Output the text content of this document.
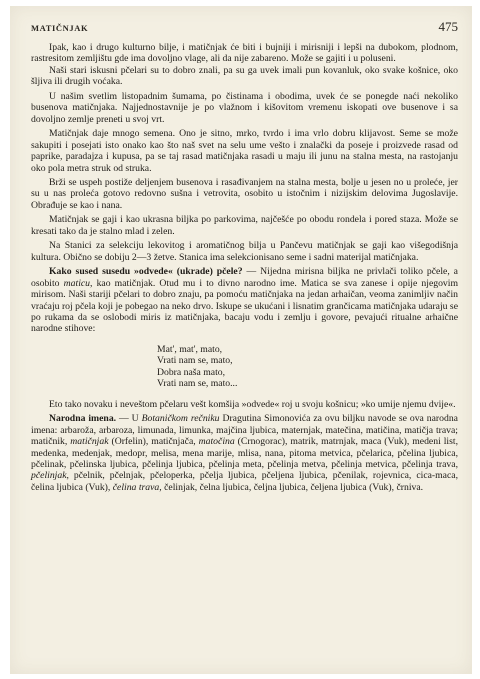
MATIČNJAK	475

Ipak, kao i drugo kulturno bilje, i matičnjak će biti i bujniji i mirisniji i lepši na dubokom, plodnom, rastresitom zemljištu gde ima dovoljno vlage, ali da nije zabareno. Može se gajiti i u polusenі.

Naši stari iskusni pčelari su to dobro znali, pa su ga uvek imali pun kovanluk, oko svake košnice, oko šljiva ili drugih voćaka.

U našim svetlim listopadnim šumama, po čistinama i obodima, uvek će se ponegde naći nekoliko busenova matičnjaka. Najjednostavnije je po vlažnom i kišovitom vremenu iskopati ove busenove i sa dovoljno zemlje preneti u svoj vrt.

Matičnjak daje mnogo semena. Ono je sitno, mrko, tvrdo i ima vrlo dobru klijavost. Seme se može sakupiti i posejati isto onako kao što naš svet na selu ume vešto i znalački da poseje i proizvede rasad od paprike, paradajza i kupusa, pa se taj rasad matičnjaka rasadi u maju ili junu na stalna mesta, na rastojanju oko pola metra struk od struka.

Brži se uspeh postiže deljenjem busenova i rasađivanjem na stalna mesta, bolje u jesen no u proleće, jer su u nas proleća gotovo redovno sušna i vetrovita, osobito u istočnim i nizijskim delovima Jugoslavije. Obrađuje se kao i nana.

Matičnjak se gaji i kao ukrasna biljka po parkovima, najčešće po obodu rondela i pored staza. Može se kresati tako da je stalno mlad i zelen.

Na Stanici za selekciju lekovitog i aromatičnog bilja u Pančevu matičnjak se gaji kao višegodišnja kultura. Obično se dobiju 2—3 žetve. Stanica ima selekcionisano seme i sadni materijal matičnjaka.

Kako sused susedu »odvede« (ukrade) pčele? — Nijedna mirisna biljka ne privlači toliko pčele, a osobito maticu, kao matičnjak. Otud mu i to divno narodno ime. Matica se sva zanese i opije njegovim mirisom. Naši stariji pčelari to dobro znaju, pa pomoću matičnjaka na jedan arhaičan, veoma zanimljiv način vraćaju roj pčela koji je pobegao na neko drvo. Iskupe se ukućani i lisnatim grančicama matičnjaka udaraju se po rukama da se oslobodi miris iz matičnjaka, bacaju vodu i zemlju i govore, pevajući ritualne arhaične narodne stihove:

Mat', mat', mato,
Vrati nam se, mato,
Dobra naša mato,
Vrati nam se, mato...

Eto tako novaku i nevеštom pčelaru vešt komšija »odvede« roj u svoju košnicu; »ko umije njemu dvije«.

Narodna imena. — U Botaničkom rečniku Dragutina Simonovića za ovu biljku navode se ova narodna imena: arbaroža, arbaroza, limunada, limunka, majčina ljubica, maternjak, matečina, matičina, matičja trava; matičnik, matičnjak (Orfelin), matičnjača, matočina (Crnogorac), matrik, matrnjak, maca (Vuk), medeni list, medenka, medenjak, medopr, melisa, mena marije, mlisa, nana, pitoma metvica, pčelarica, pčelina ljubica, pčelinak, pčelinska ljubica, pčelinja ljubica, pčelinja meta, pčelinja metva, pčelinja metvica, pčelinja trava, pčelinjak, pčelnik, pčelnjak, pčeloperka, pčelja ljubica, pčeljena ljubica, pčenilak, rojevnica, cica-maca, čelina ljubica (Vuk), čelina trava, čelinjak, čelna ljubica, čeljna ljubica, čeljena ljubica (Vuk), črniva.
